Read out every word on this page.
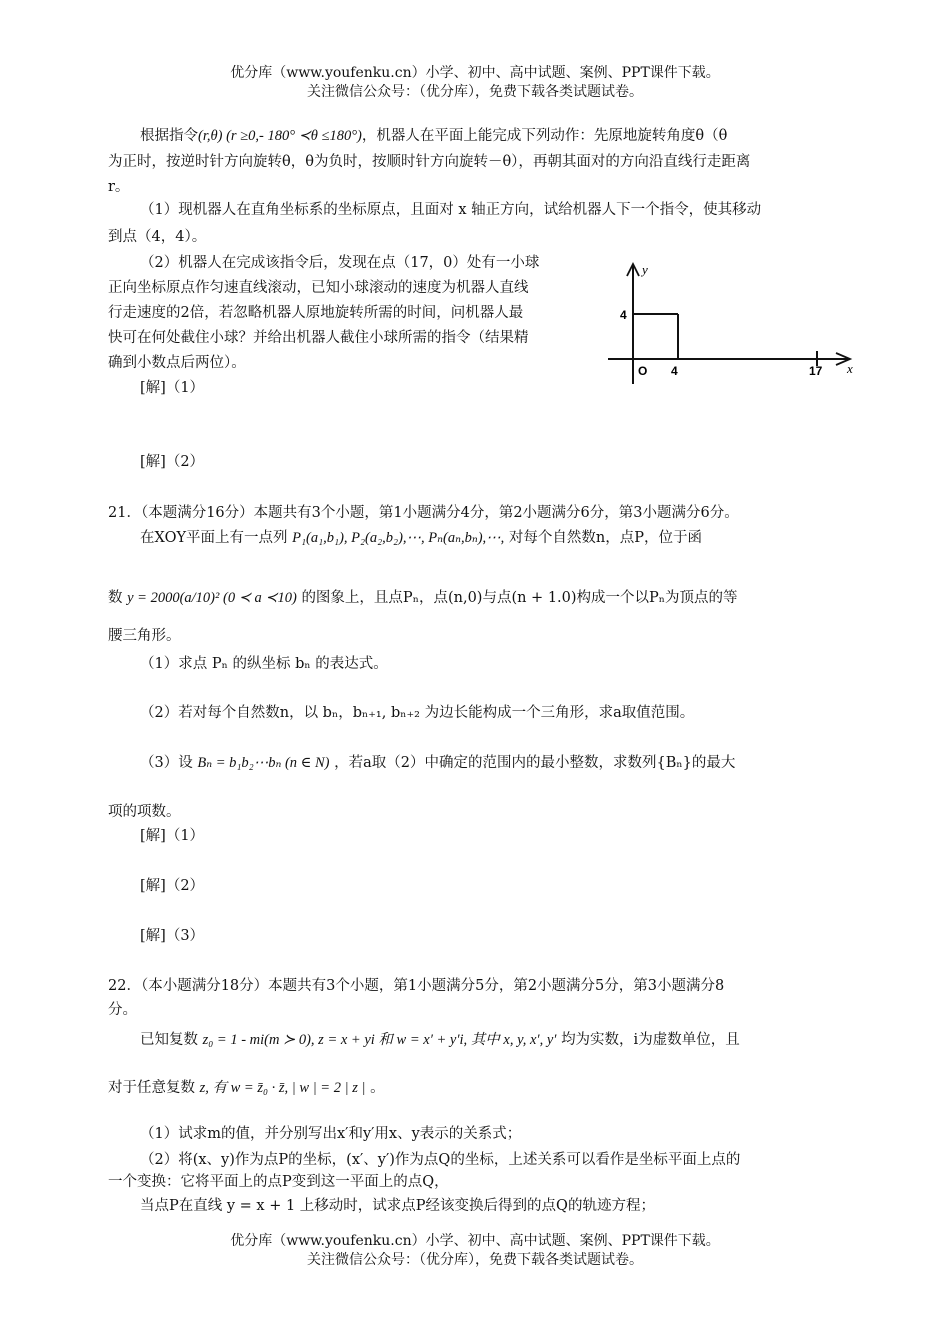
优分库（www.youfenku.cn）小学、初中、高中试题、案例、PPT课件下载。
关注微信公众号：（优分库），免费下载各类试题试卷。
根据指令(r,θ) (r ≥0,- 180° ≺θ ≤180°)，机器人在平面上能完成下列动作：先原地旋转角度θ（θ
为正时，按逆时针方向旋转θ，θ为负时，按顺时针方向旋转－θ），再朝其面对的方向沿直线行走距离
r。
（1）现机器人在直角坐标系的坐标原点，且面对 x 轴正方向，试给机器人下一个指令，使其移动
到点（4，4）。
（2）机器人在完成该指令后，发现在点（17，0）处有一小球
正向坐标原点作匀速直线滚动，已知小球滚动的速度为机器人直线
行走速度的2倍，若忽略机器人原地旋转所需的时间，问机器人最
快可在何处截住小球？并给出机器人截住小球所需的指令（结果精
确到小数点后两位）。
[解]（1）
[解]（2）
y
x
O
4
4	17
21．（本题满分16分）本题共有3个小题，第1小题满分4分，第2小题满分6分，第3小题满分6分。
在XOY平面上有一点列 P₁(a₁,b₁), P₂(a₂,b₂),⋯, Pₙ(aₙ,bₙ),⋯, 对每个自然数n，点P，位于函
数 y = 2000(a/10)² (0 ≺ a ≺10) 的图象上，且点Pₙ，点(n,0)与点(n + 1.0)构成一个以Pₙ为顶点的等
腰三角形。
（1）求点 Pₙ 的纵坐标 bₙ 的表达式。
（2）若对每个自然数n，以 bₙ，bₙ₊₁, bₙ₊₂ 为边长能构成一个三角形，求a取值范围。
（3）设 Bₙ = b₁b₂⋯bₙ (n ∈ N) ，若a取（2）中确定的范围内的最小整数，求数列{Bₙ}的最大
项的项数。
[解]（1）
[解]（2）
[解]（3）
22．（本小题满分18分）本题共有3个小题，第1小题满分5分，第2小题满分5分，第3小题满分8
分。
已知复数 z₀ = 1 - mi(m ≻ 0), z = x + yi 和 w = x′ + y′i, 其中 x, y, x′, y′ 均为实数，i为虚数单位，且
对于任意复数 z, 有 w = z̄₀ · z̄, | w | = 2 | z | 。
（1）试求m的值，并分别写出x′和y′用x、y表示的关系式；
（2）将(x、y)作为点P的坐标，(x′、y′)作为点Q的坐标，上述关系可以看作是坐标平面上点的
一个变换：它将平面上的点P变到这一平面上的点Q，
当点P在直线 y = x + 1 上移动时，试求点P经该变换后得到的点Q的轨迹方程；
优分库（www.youfenku.cn）小学、初中、高中试题、案例、PPT课件下载。
关注微信公众号：（优分库），免费下载各类试题试卷。
